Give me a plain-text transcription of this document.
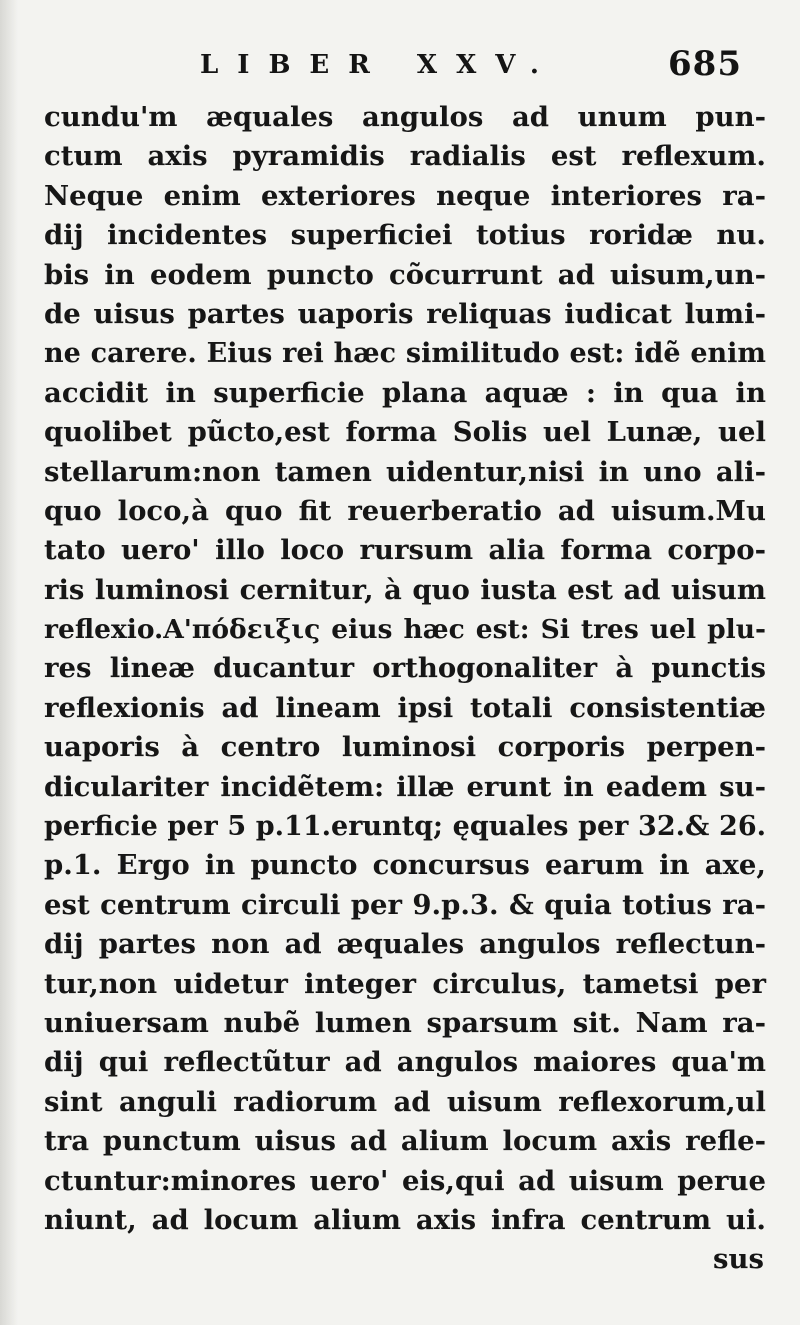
LIBER XXV.	685
cundu'm æquales angulos ad unum pun-
ctum axis pyramidis radialis est reflexum.
Neque enim exteriores neque interiores ra-
dij incidentes superficiei totius roridæ nu.
bis in eodem puncto cõcurrunt ad uisum,un-
de uisus partes uaporis reliquas iudicat lumi-
ne carere. Eius rei hæc similitudo est: idẽ enim
accidit in superficie plana aquæ : in qua in
quolibet pũcto,est forma Solis uel Lunæ, uel
stellarum:non tamen uidentur,nisi in uno ali-
quo loco,à quo fit reuerberatio ad uisum.Mu
tato uero' illo loco rursum alia forma corpo-
ris luminosi cernitur, à quo iusta est ad uisum
reflexio.Α'πόδειξις eius hæc est: Si tres uel plu-
res lineæ ducantur orthogonaliter à punctis
reflexionis ad lineam ipsi totali consistentiæ
uaporis à centro luminosi corporis perpen-
diculariter incidẽtem: illæ erunt in eadem su-
perficie per 5 p.11.eruntq; ęquales per 32.& 26.
p.1. Ergo in puncto concursus earum in axe,
est centrum circuli per 9.p.3. & quia totius ra-
dij partes non ad æquales angulos reflectun-
tur,non uidetur integer circulus, tametsi per
uniuersam nubẽ lumen sparsum sit. Nam ra-
dij qui reflectũtur ad angulos maiores qua'm
sint anguli radiorum ad uisum reflexorum,ul
tra punctum uisus ad alium locum axis refle-
ctuntur:minores uero' eis,qui ad uisum perue
niunt, ad locum alium axis infra centrum ui.
sus
